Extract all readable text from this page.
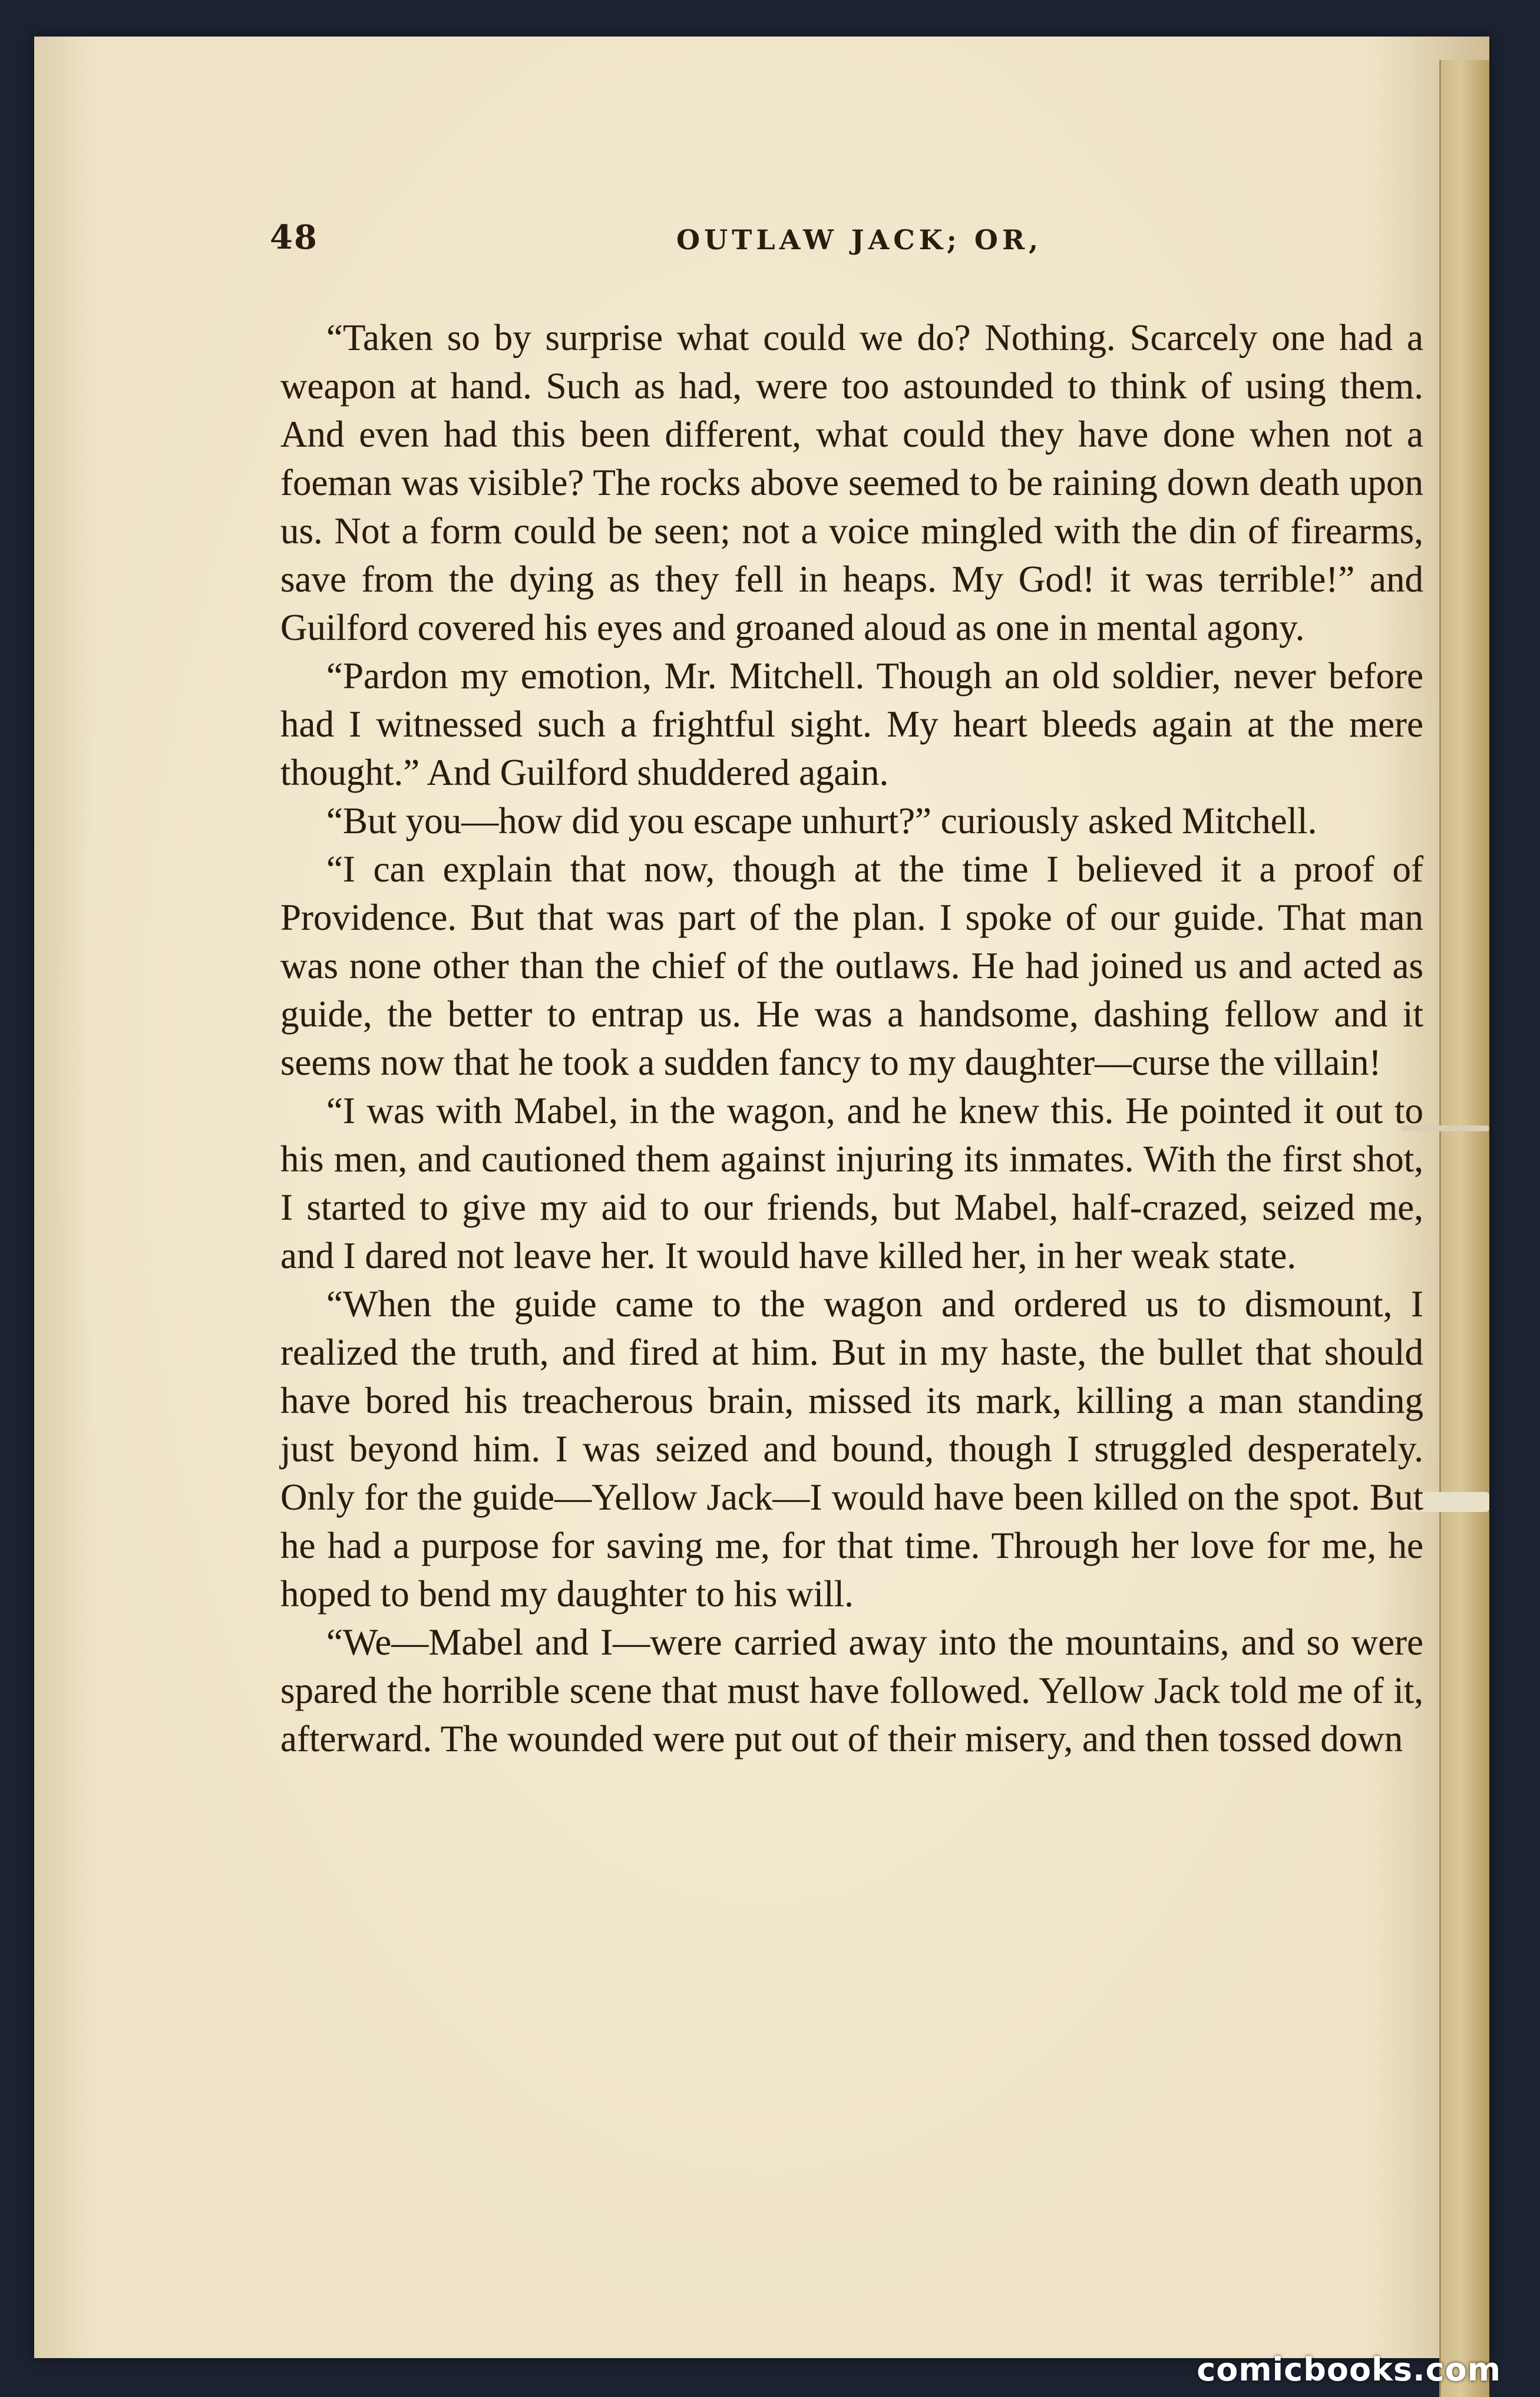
48	OUTLAW JACK; OR,

“Taken so by surprise what could we do? Nothing. Scarcely one had a weapon at hand. Such as had, were too astounded to think of using them. And even had this been different, what could they have done when not a foeman was visible? The rocks above seemed to be raining down death upon us. Not a form could be seen; not a voice mingled with the din of firearms, save from the dying as they fell in heaps. My God! it was terrible!” and Guilford covered his eyes and groaned aloud as one in mental agony.

“Pardon my emotion, Mr. Mitchell. Though an old soldier, never before had I witnessed such a frightful sight. My heart bleeds again at the mere thought.” And Guilford shuddered again.

“But you—how did you escape unhurt?” curiously asked Mitchell.

“I can explain that now, though at the time I believed it a proof of Providence. But that was part of the plan. I spoke of our guide. That man was none other than the chief of the outlaws. He had joined us and acted as guide, the better to entrap us. He was a handsome, dashing fellow and it seems now that he took a sudden fancy to my daughter—curse the villain!

“I was with Mabel, in the wagon, and he knew this. He pointed it out to his men, and cautioned them against injuring its inmates. With the first shot, I started to give my aid to our friends, but Mabel, half-crazed, seized me, and I dared not leave her. It would have killed her, in her weak state.

“When the guide came to the wagon and ordered us to dismount, I realized the truth, and fired at him. But in my haste, the bullet that should have bored his treacherous brain, missed its mark, killing a man standing just beyond him. I was seized and bound, though I struggled desperately. Only for the guide—Yellow Jack—I would have been killed on the spot. But he had a purpose for saving me, for that time. Through her love for me, he hoped to bend my daughter to his will.

“We—Mabel and I—were carried away into the mountains, and so were spared the horrible scene that must have followed. Yellow Jack told me of it, afterward. The wounded were put out of their misery, and then tossed down

comicbooks.com
